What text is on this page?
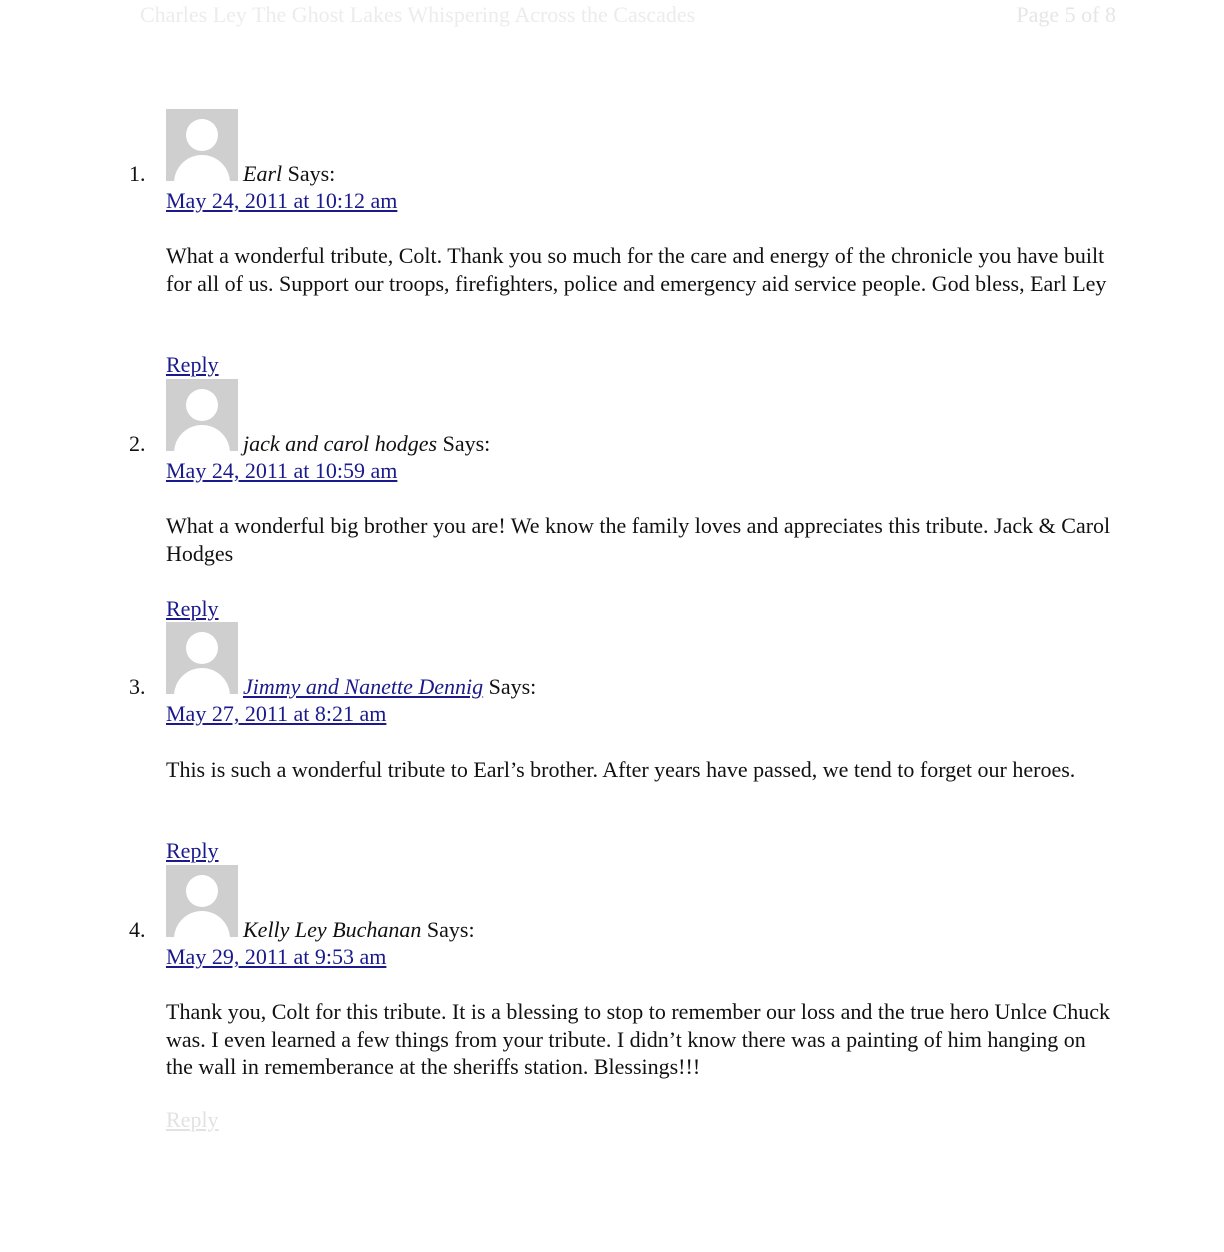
Charles Ley The Ghost Lakes Whispering Across the Cascades	Page 5 of 8
1.	Earl Says:
May 24, 2011 at 10:12 am

What a wonderful tribute, Colt. Thank you so much for the care and energy of the chronicle you have built for all of us. Support our troops, firefighters, police and emergency aid service people. God bless, Earl Ley

Reply
2.	jack and carol hodges Says:
May 24, 2011 at 10:59 am

What a wonderful big brother you are! We know the family loves and appreciates this tribute. Jack & Carol Hodges

Reply
3.	Jimmy and Nanette Dennig Says:
May 27, 2011 at 8:21 am

This is such a wonderful tribute to Earl’s brother. After years have passed, we tend to forget our heroes.

Reply
4.	Kelly Ley Buchanan Says:
May 29, 2011 at 9:53 am

Thank you, Colt for this tribute. It is a blessing to stop to remember our loss and the true hero Unlce Chuck was. I even learned a few things from your tribute. I didn’t know there was a painting of him hanging on the wall in rememberance at the sheriffs station. Blessings!!!

Reply
